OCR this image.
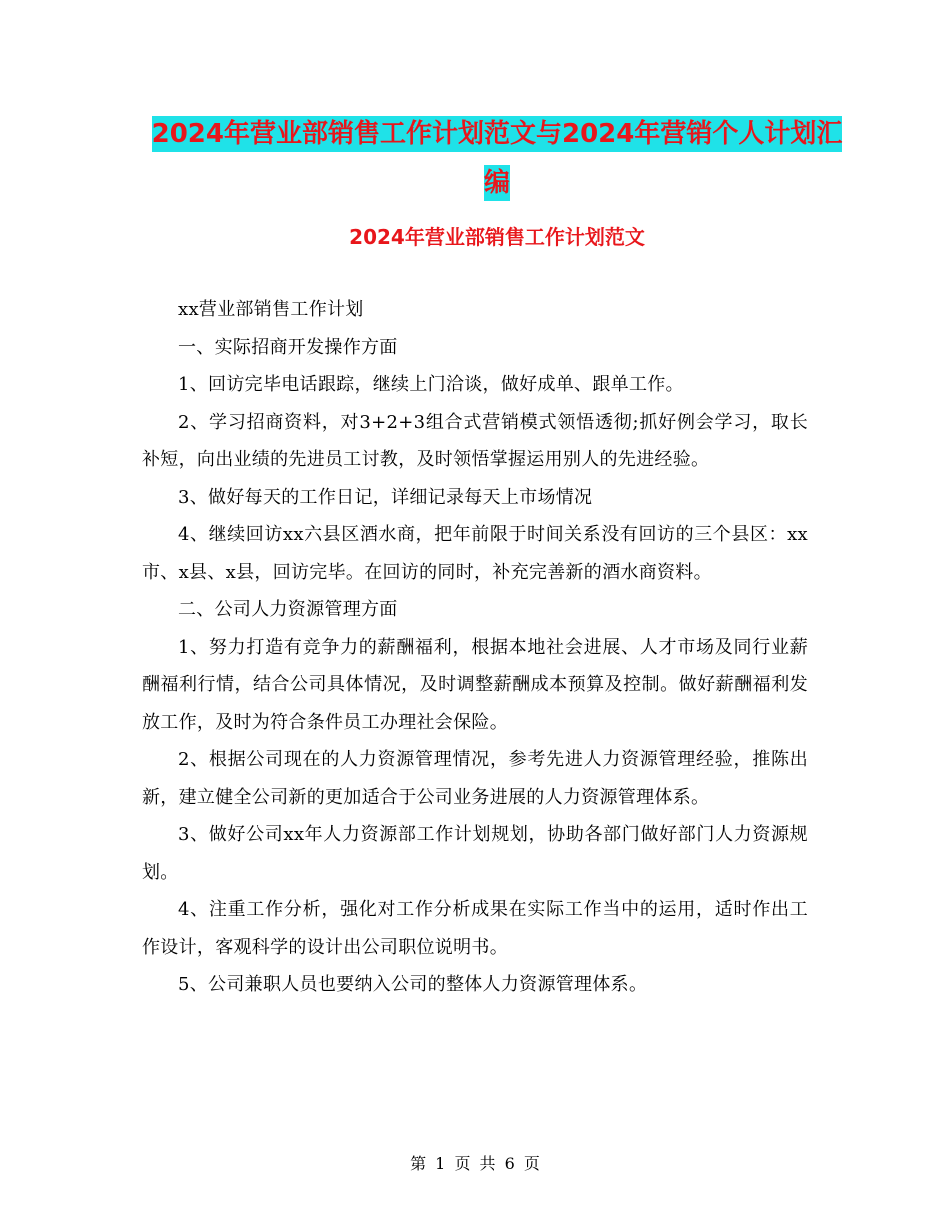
2024年营业部销售工作计划范文与2024年营销个人计划汇编
2024年营业部销售工作计划范文

xx营业部销售工作计划

一、实际招商开发操作方面

1、回访完毕电话跟踪，继续上门洽谈，做好成单、跟单工作。

2、学习招商资料，对3+2+3组合式营销模式领悟透彻;抓好例会学习，取长补短，向出业绩的先进员工讨教，及时领悟掌握运用别人的先进经验。

3、做好每天的工作日记，详细记录每天上市场情况

4、继续回访xx六县区酒水商，把年前限于时间关系没有回访的三个县区：xx市、x县、x县，回访完毕。在回访的同时，补充完善新的酒水商资料。

二、公司人力资源管理方面

1、努力打造有竞争力的薪酬福利，根据本地社会进展、人才市场及同行业薪酬福利行情，结合公司具体情况，及时调整薪酬成本预算及控制。做好薪酬福利发放工作，及时为符合条件员工办理社会保险。

2、根据公司现在的人力资源管理情况，参考先进人力资源管理经验，推陈出新，建立健全公司新的更加适合于公司业务进展的人力资源管理体系。

3、做好公司xx年人力资源部工作计划规划，协助各部门做好部门人力资源规划。

4、注重工作分析，强化对工作分析成果在实际工作当中的运用，适时作出工作设计，客观科学的设计出公司职位说明书。

5、公司兼职人员也要纳入公司的整体人力资源管理体系。

第 1 页 共 6 页
